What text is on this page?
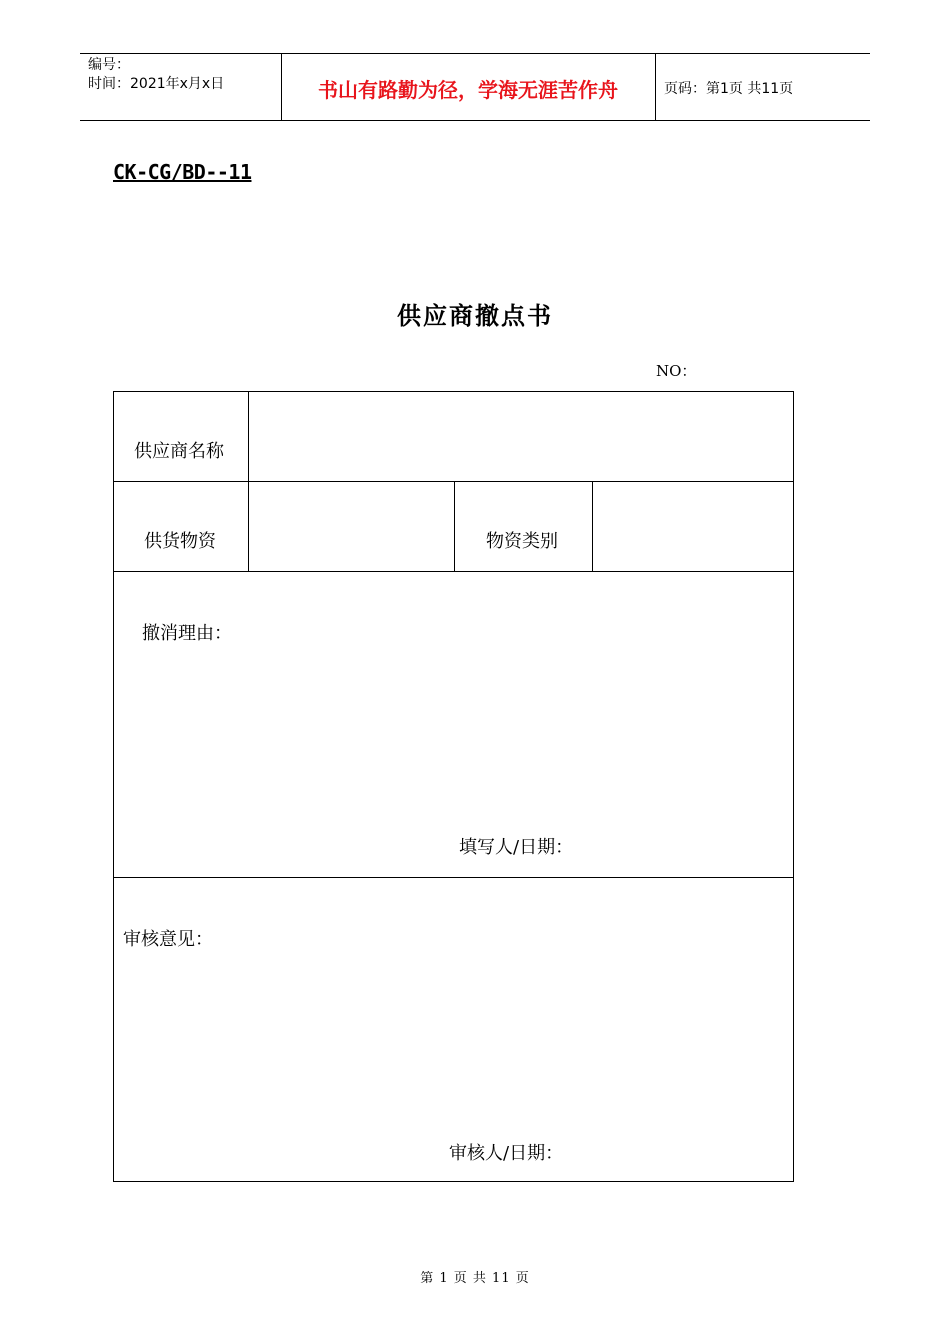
编号：
时间：2021年x月x日	书山有路勤为径，学海无涯苦作舟	页码：第1页 共11页
CK-CG/BD--11
供应商撤点书
NO：
供应商名称
供货物资	物资类别
撤消理由：
填写人/日期：
审核意见：
审核人/日期：
第 1 页 共 11 页
